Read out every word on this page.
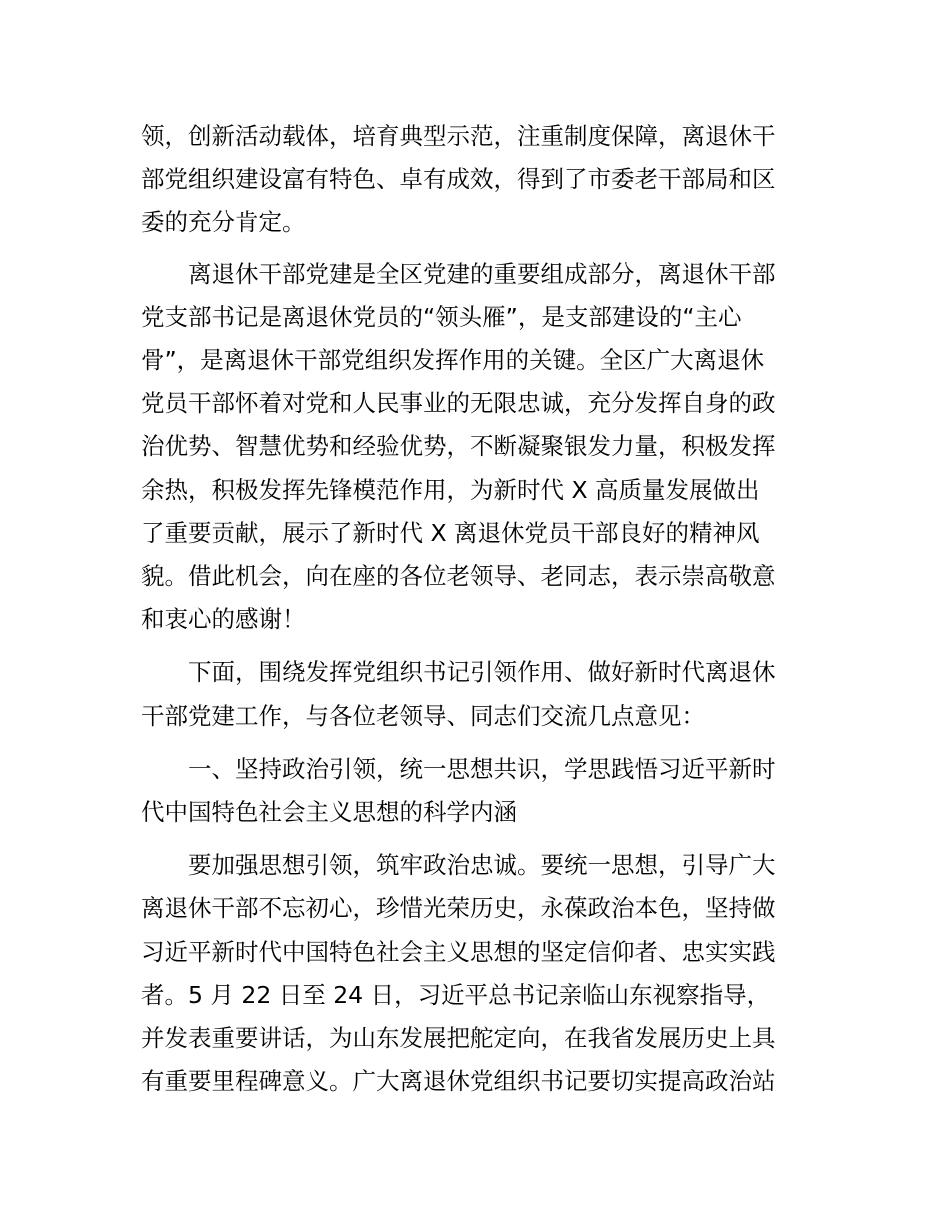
领，创新活动载体，培育典型示范，注重制度保障，离退休干
部党组织建设富有特色、卓有成效，得到了市委老干部局和区
委的充分肯定。
离退休干部党建是全区党建的重要组成部分，离退休干部
党支部书记是离退休党员的“领头雁”，是支部建设的“主心
骨”，是离退休干部党组织发挥作用的关键。全区广大离退休
党员干部怀着对党和人民事业的无限忠诚，充分发挥自身的政
治优势、智慧优势和经验优势，不断凝聚银发力量，积极发挥
余热，积极发挥先锋模范作用，为新时代 X 高质量发展做出
了重要贡献，展示了新时代 X 离退休党员干部良好的精神风
貌。借此机会，向在座的各位老领导、老同志，表示崇高敬意
和衷心的感谢！
下面，围绕发挥党组织书记引领作用、做好新时代离退休
干部党建工作，与各位老领导、同志们交流几点意见：
一、坚持政治引领，统一思想共识，学思践悟习近平新时
代中国特色社会主义思想的科学内涵
要加强思想引领，筑牢政治忠诚。要统一思想，引导广大
离退休干部不忘初心，珍惜光荣历史，永葆政治本色，坚持做
习近平新时代中国特色社会主义思想的坚定信仰者、忠实实践
者。5 月 22 日至 24 日，习近平总书记亲临山东视察指导，
并发表重要讲话，为山东发展把舵定向，在我省发展历史上具
有重要里程碑意义。广大离退休党组织书记要切实提高政治站
